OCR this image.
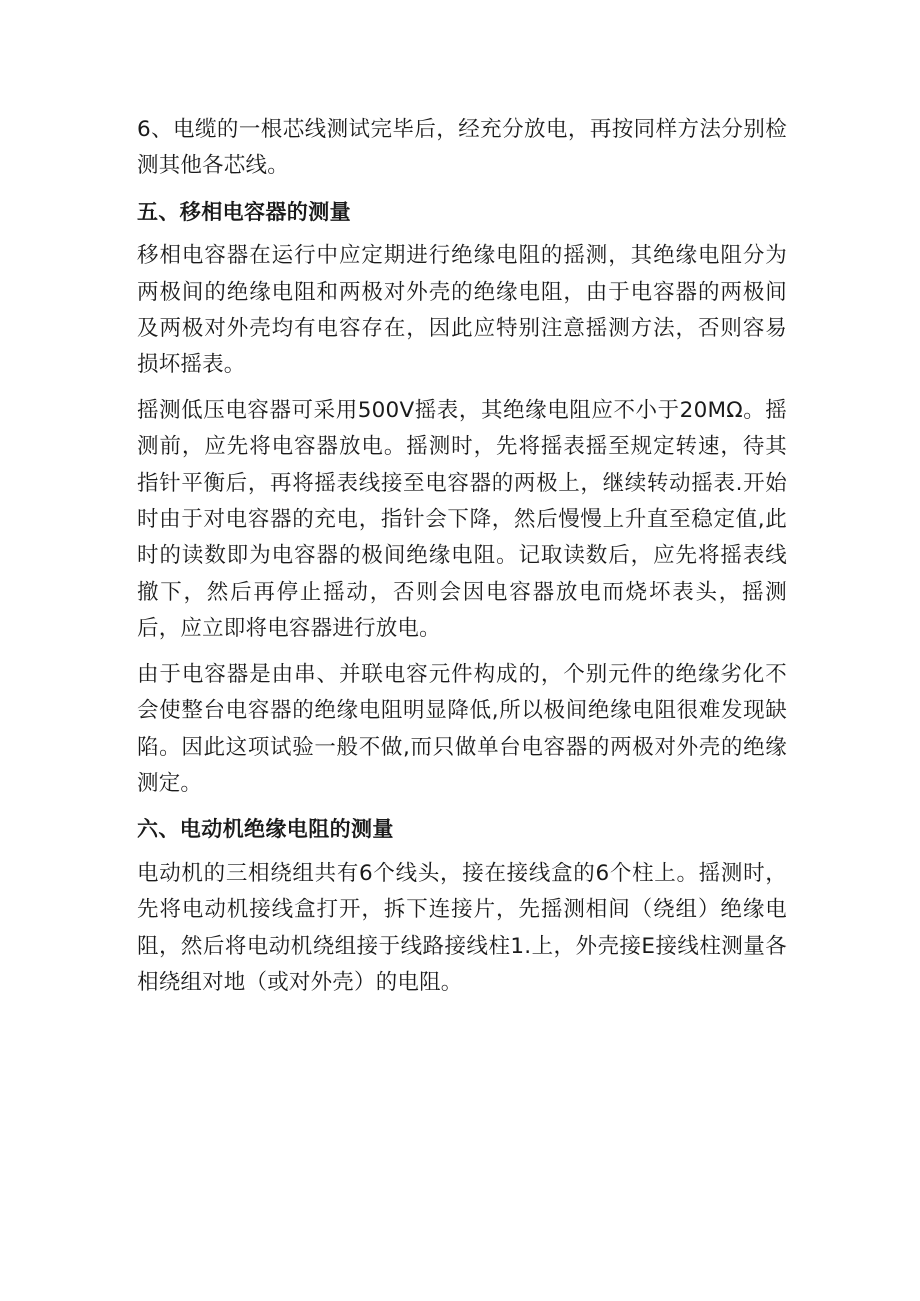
6、电缆的一根芯线测试完毕后，经充分放电，再按同样方法分别检测其他各芯线。

五、移相电容器的测量

移相电容器在运行中应定期进行绝缘电阻的摇测，其绝缘电阻分为两极间的绝缘电阻和两极对外壳的绝缘电阻，由于电容器的两极间及两极对外壳均有电容存在，因此应特别注意摇测方法，否则容易损坏摇表。

摇测低压电容器可采用500V摇表，其绝缘电阻应不小于20MΩ。摇测前，应先将电容器放电。摇测时，先将摇表摇至规定转速，待其指针平衡后，再将摇表线接至电容器的两极上，继续转动摇表.开始时由于对电容器的充电，指针会下降，然后慢慢上升直至稳定值,此时的读数即为电容器的极间绝缘电阻。记取读数后，应先将摇表线撤下，然后再停止摇动，否则会因电容器放电而烧坏表头，摇测后，应立即将电容器进行放电。

由于电容器是由串、并联电容元件构成的，个别元件的绝缘劣化不会使整台电容器的绝缘电阻明显降低,所以极间绝缘电阻很难发现缺陷。因此这项试验一般不做,而只做单台电容器的两极对外壳的绝缘测定。

六、电动机绝缘电阻的测量

电动机的三相绕组共有6个线头，接在接线盒的6个柱上。摇测时，先将电动机接线盒打开，拆下连接片，先摇测相间（绕组）绝缘电阻，然后将电动机绕组接于线路接线柱1.上，外壳接E接线柱测量各相绕组对地（或对外壳）的电阻。
